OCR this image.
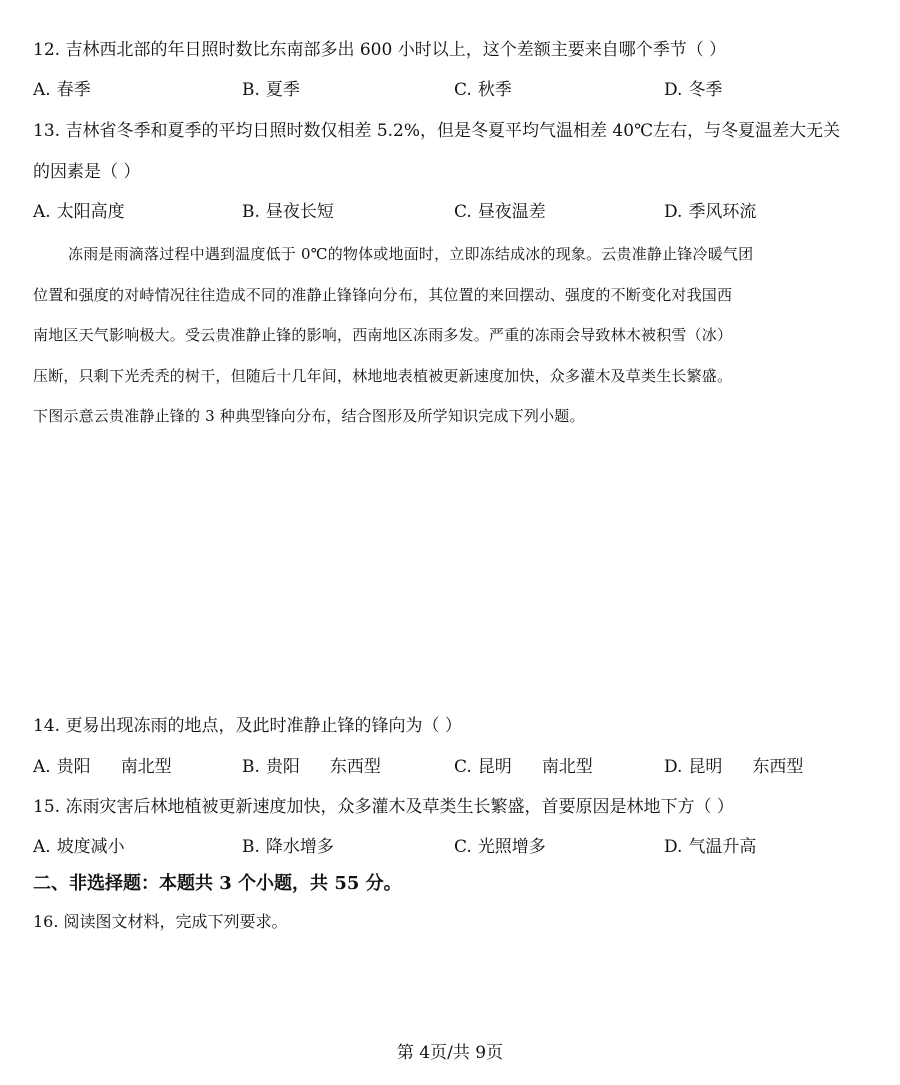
12. 吉林西北部的年日照时数比东南部多出 600 小时以上，这个差额主要来自哪个季节（ ）
A. 春季	B. 夏季	C. 秋季	D. 冬季
13. 吉林省冬季和夏季的平均日照时数仅相差 5.2%，但是冬夏平均气温相差 40℃左右，与冬夏温差大无关
的因素是（ ）
A. 太阳高度	B. 昼夜长短	C. 昼夜温差	D. 季风环流
冻雨是雨滴落过程中遇到温度低于 0℃的物体或地面时，立即冻结成冰的现象。云贵准静止锋冷暖气团
位置和强度的对峙情况往往造成不同的准静止锋锋向分布，其位置的来回摆动、强度的不断变化对我国西
南地区天气影响极大。受云贵准静止锋的影响，西南地区冻雨多发。严重的冻雨会导致林木被积雪（冰）
压断，只剩下光秃秃的树干，但随后十几年间，林地地表植被更新速度加快，众多灌木及草类生长繁盛。
下图示意云贵准静止锋的 3 种典型锋向分布，结合图形及所学知识完成下列小题。
14. 更易出现冻雨的地点，及此时准静止锋的锋向为（ ）
A. 贵阳 南北型	B. 贵阳 东西型	C. 昆明 南北型	D. 昆明 东西型
15. 冻雨灾害后林地植被更新速度加快，众多灌木及草类生长繁盛，首要原因是林地下方（ ）
A. 坡度减小	B. 降水增多	C. 光照增多	D. 气温升高
二、非选择题：本题共 3 个小题，共 55 分。
16. 阅读图文材料，完成下列要求。
第 4页/共 9页
